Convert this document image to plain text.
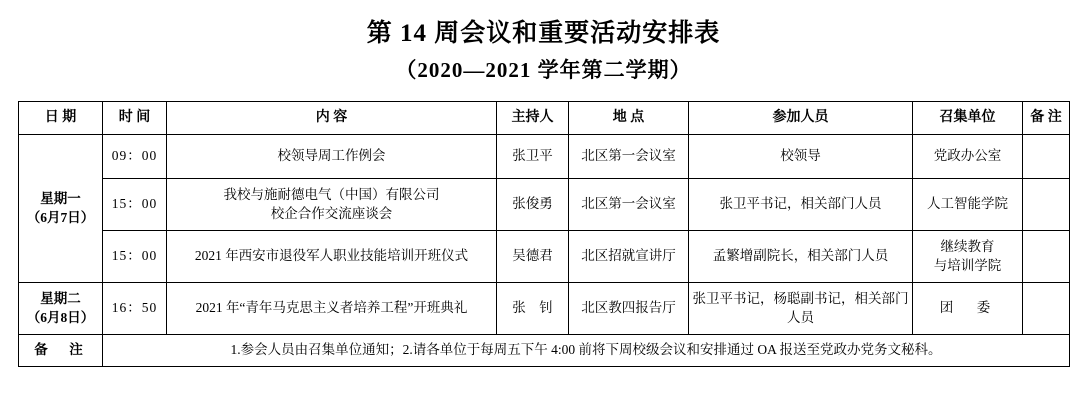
第 14 周会议和重要活动安排表
（2020—2021 学年第二学期）
日 期	时 间	内 容	主持人	地 点	参加人员	召集单位	备 注

星期一
（6月7日）	09：00	校领导周工作例会	张卫平	北区第一会议室	校领导	党政办公室	
	15：00	我校与施耐德电气（中国）有限公司
校企合作交流座谈会	张俊勇	北区第一会议室	张卫平书记，相关部门人员	人工智能学院	
	15：00	2021 年西安市退役军人职业技能培训开班仪式	吴德君	北区招就宣讲厅	孟繁增副院长，相关部门人员	继续教育
与培训学院	

星期二
（6月8日）	16：50	2021 年“青年马克思主义者培养工程”开班典礼	张　钊	北区教四报告厅	张卫平书记，杨聪副书记，相关部门人员	团　委	
备　注	1.参会人员由召集单位通知；2.请各单位于每周五下午 4:00 前将下周校级会议和安排通过 OA 报送至党政办党务文秘科。						
